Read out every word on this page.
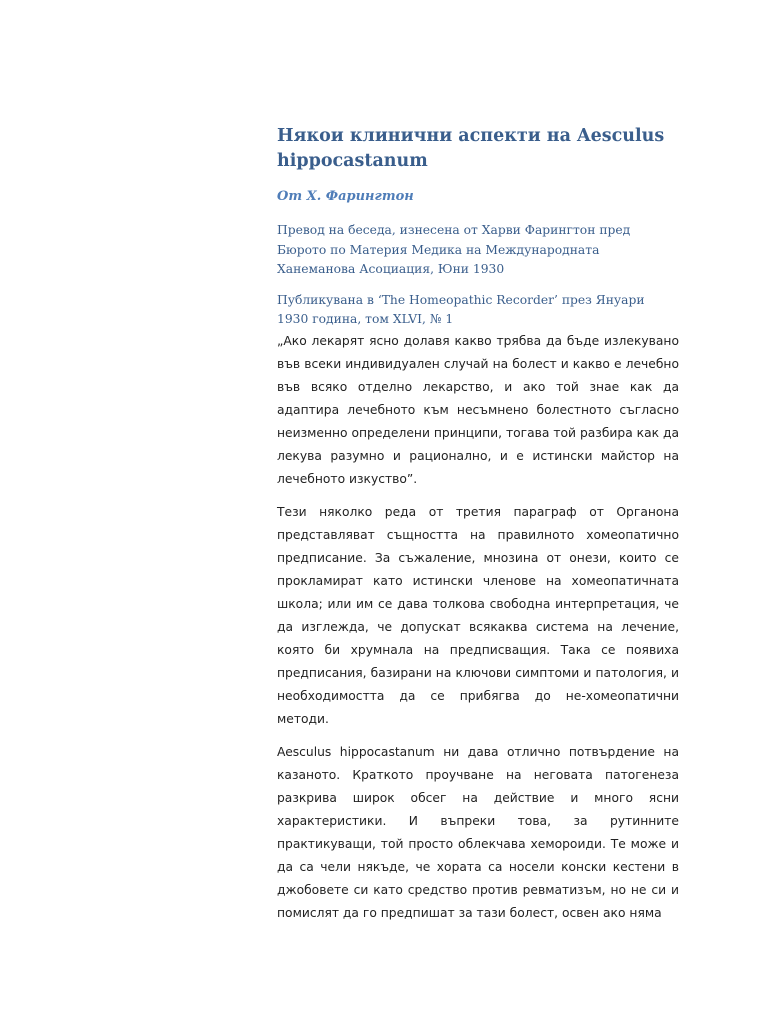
Някои клинични аспекти на Aesculus hippocastanum

От Х. Фарингтон

Превод на беседа, изнесена от Харви Фарингтон пред Бюрото по Материя Медика на Международната Ханеманова Асоциация, Юни 1930

Публикувана в ‘The Homeopathic Recorder’ през Януари 1930 година, том XLVI, № 1

„Ако лекарят ясно долавя какво трябва да бъде излекувано във всеки индивидуален случай на болест и какво е лечебно във всяко отделно лекарство, и ако той знае как да адаптира лечебното към несъмнено болестното съгласно неизменно определени принципи, тогава той разбира как да лекува разумно и рационално, и е истински майстор на лечебното изкуство”.

Тези няколко реда от третия параграф от Органона представляват същността на правилното хомеопатично предписание. За съжаление, мнозина от онези, които се прокламират като истински членове на хомеопатичната школа; или им се дава толкова свободна интерпретация, че да изглежда, че допускат всякаква система на лечение, която би хрумнала на предписващия. Така се появиха предписания, базирани на ключови симптоми и патология, и необходимостта да се прибягва до не-хомеопатични методи.

Aesculus hippocastanum ни дава отлично потвърдение на казаното. Краткото проучване на неговата патогенеза разкрива широк обсег на действие и много ясни характеристики. И въпреки това, за рутинните практикуващи, той просто облекчава хемороиди. Те може и да са чели някъде, че хората са носели конски кестени в джобовете си като средство против ревматизъм, но не си и помислят да го предпишат за тази болест, освен ако няма
